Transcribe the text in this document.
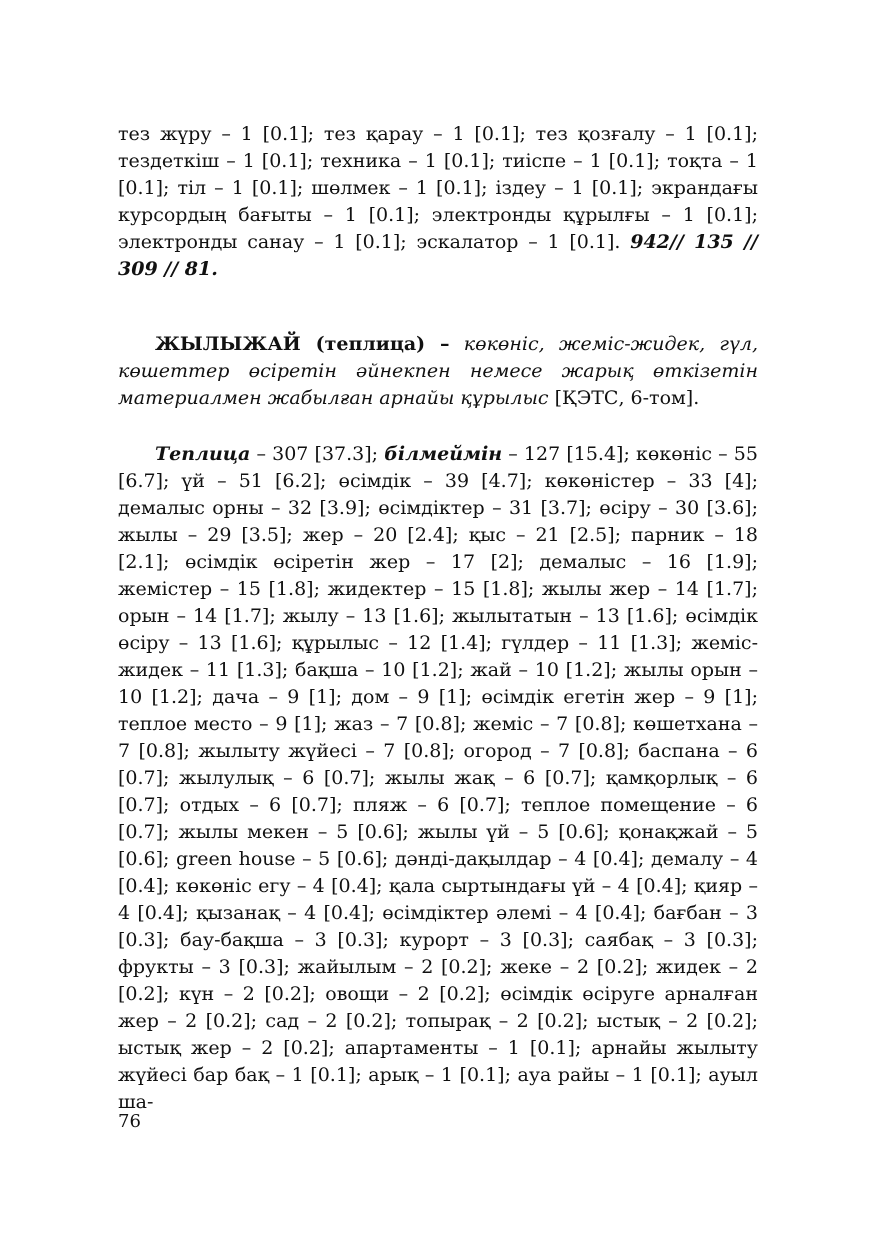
тез жүру – 1 [0.1]; тез қарау – 1 [0.1]; тез қозғалу – 1 [0.1]; тездеткіш – 1 [0.1]; техника – 1 [0.1]; тиіспе – 1 [0.1]; тоқта – 1 [0.1]; тіл – 1 [0.1]; шөлмек – 1 [0.1]; іздеу – 1 [0.1]; экрандағы курсордың бағыты – 1 [0.1]; электронды құрылғы – 1 [0.1]; электронды санау – 1 [0.1]; эскалатор – 1 [0.1]. 942// 135 // 309 // 81.

ЖЫЛЫЖАЙ (теплица) – көкөніс, жеміс-жидек, гүл, көшеттер өсіретін әйнекпен немесе жарық өткізетін материалмен жабылған арнайы құрылыс [ҚЭТС, 6-том].

Теплица – 307 [37.3]; білмеймін – 127 [15.4]; көкөніс – 55 [6.7]; үй – 51 [6.2]; өсімдік – 39 [4.7]; көкөністер – 33 [4]; демалыс орны – 32 [3.9]; өсімдіктер – 31 [3.7]; өсіру – 30 [3.6]; жылы – 29 [3.5]; жер – 20 [2.4]; қыс – 21 [2.5]; парник – 18 [2.1]; өсімдік өсіретін жер – 17 [2]; демалыс – 16 [1.9]; жемістер – 15 [1.8]; жидектер – 15 [1.8]; жылы жер – 14 [1.7]; орын – 14 [1.7]; жылу – 13 [1.6]; жылытатын – 13 [1.6]; өсімдік өсіру – 13 [1.6]; құрылыс – 12 [1.4]; гүлдер – 11 [1.3]; жеміс-жидек – 11 [1.3]; бақша – 10 [1.2]; жай – 10 [1.2]; жылы орын – 10 [1.2]; дача – 9 [1]; дом – 9 [1]; өсімдік егетін жер – 9 [1]; теплое место – 9 [1]; жаз – 7 [0.8]; жеміс – 7 [0.8]; көшетхана – 7 [0.8]; жылыту жүйесі – 7 [0.8]; огород – 7 [0.8]; баспана – 6 [0.7]; жылулық – 6 [0.7]; жылы жақ – 6 [0.7]; қамқорлық – 6 [0.7]; отдых – 6 [0.7]; пляж – 6 [0.7]; теплое помещение – 6 [0.7]; жылы мекен – 5 [0.6]; жылы үй – 5 [0.6]; қонақжай – 5 [0.6]; green house – 5 [0.6]; дәнді-дақылдар – 4 [0.4]; демалу – 4 [0.4]; көкөніс егу – 4 [0.4]; қала сыртындағы үй – 4 [0.4]; қияр – 4 [0.4]; қызанақ – 4 [0.4]; өсімдіктер әлемі – 4 [0.4]; бағбан – 3 [0.3]; бау-бақша – 3 [0.3]; курорт – 3 [0.3]; саябақ – 3 [0.3]; фрукты – 3 [0.3]; жайылым – 2 [0.2]; жеке – 2 [0.2]; жидек – 2 [0.2]; күн – 2 [0.2]; овощи – 2 [0.2]; өсімдік өсіруге арналған жер – 2 [0.2]; сад – 2 [0.2]; топырақ – 2 [0.2]; ыстық – 2 [0.2]; ыстық жер – 2 [0.2]; апартаменты – 1 [0.1]; арнайы жылыту жүйесі бар бақ – 1 [0.1]; арық – 1 [0.1]; ауа райы – 1 [0.1]; ауыл ша-

76
